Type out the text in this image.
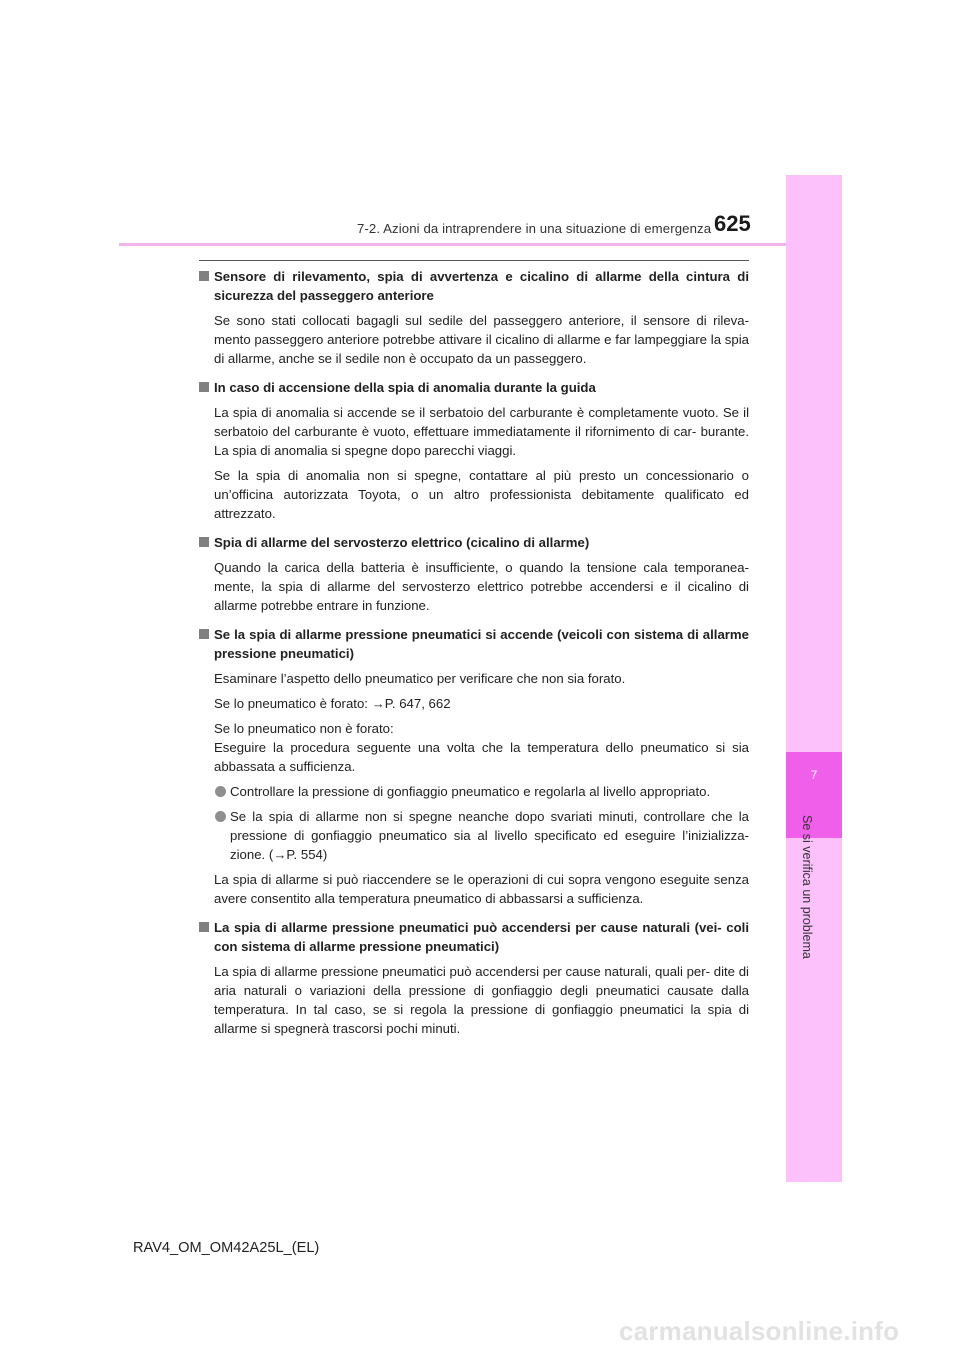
7-2. Azioni da intraprendere in una situazione di emergenza 625
7
Se si verifica un problema
Sensore di rilevamento, spia di avvertenza e cicalino di allarme della cintura di sicurezza del passeggero anteriore

Se sono stati collocati bagagli sul sedile del passeggero anteriore, il sensore di rileva- mento passeggero anteriore potrebbe attivare il cicalino di allarme e far lampeggiare la spia di allarme, anche se il sedile non è occupato da un passeggero.

In caso di accensione della spia di anomalia durante la guida

La spia di anomalia si accende se il serbatoio del carburante è completamente vuoto. Se il serbatoio del carburante è vuoto, effettuare immediatamente il rifornimento di car- burante. La spia di anomalia si spegne dopo parecchi viaggi.

Se la spia di anomalia non si spegne, contattare al più presto un concessionario o un’officina autorizzata Toyota, o un altro professionista debitamente qualificato ed attrezzato.

Spia di allarme del servosterzo elettrico (cicalino di allarme)

Quando la carica della batteria è insufficiente, o quando la tensione cala temporanea- mente, la spia di allarme del servosterzo elettrico potrebbe accendersi e il cicalino di allarme potrebbe entrare in funzione.

Se la spia di allarme pressione pneumatici si accende (veicoli con sistema di allarme pressione pneumatici)

Esaminare l’aspetto dello pneumatico per verificare che non sia forato.

Se lo pneumatico è forato: →P. 647, 662

Se lo pneumatico non è forato:
Eseguire la procedura seguente una volta che la temperatura dello pneumatico si sia abbassata a sufficienza.

Controllare la pressione di gonfiaggio pneumatico e regolarla al livello appropriato.
Se la spia di allarme non si spegne neanche dopo svariati minuti, controllare che la pressione di gonfiaggio pneumatico sia al livello specificato ed eseguire l’inizializza- zione. (→P. 554)

La spia di allarme si può riaccendere se le operazioni di cui sopra vengono eseguite senza avere consentito alla temperatura pneumatico di abbassarsi a sufficienza.

La spia di allarme pressione pneumatici può accendersi per cause naturali (vei- coli con sistema di allarme pressione pneumatici)

La spia di allarme pressione pneumatici può accendersi per cause naturali, quali per- dite di aria naturali o variazioni della pressione di gonfiaggio degli pneumatici causate dalla temperatura. In tal caso, se si regola la pressione di gonfiaggio pneumatici la spia di allarme si spegnerà trascorsi pochi minuti.

RAV4_OM_OM42A25L_(EL)
carmanualsonline.info
